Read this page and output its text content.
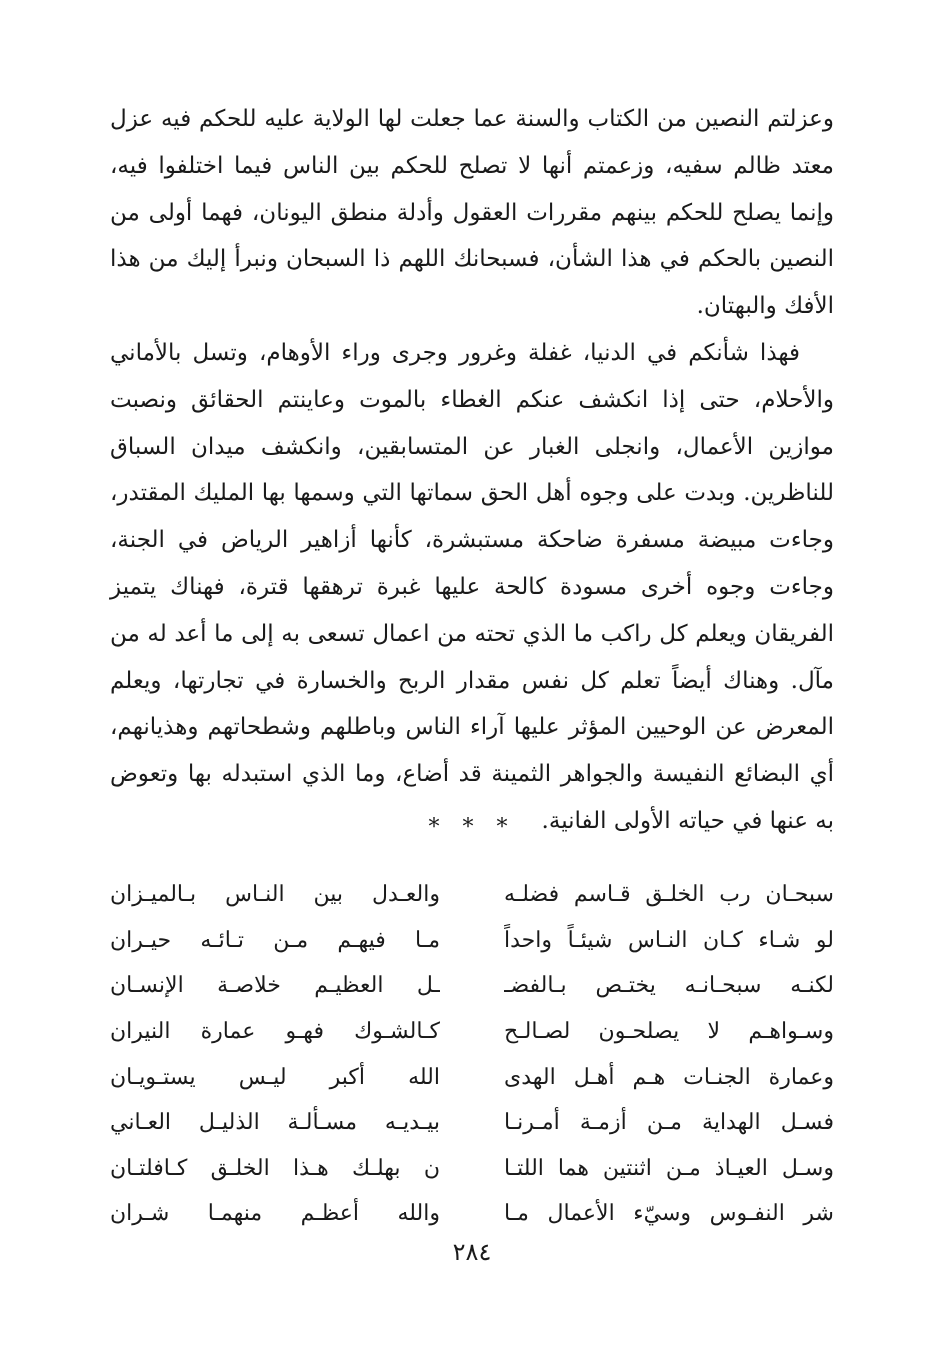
وعزلتم النصين من الكتاب والسنة عما جعلت لها الولاية عليه للحكم فيه عزل معتد ظالم سفيه، وزعمتم أنها لا تصلح للحكم بين الناس فيما اختلفوا فيه، وإنما يصلح للحكم بينهم مقررات العقول وأدلة منطق اليونان، فهما أولى من النصين بالحكم في هذا الشأن، فسبحانك اللهم ذا السبحان ونبرأ إليك من هذا الأفك والبهتان.

فهذا شأنكم في الدنيا، غفلة وغرور وجرى وراء الأوهام، وتسل بالأماني والأحلام، حتى إذا انكشف عنكم الغطاء بالموت وعاينتم الحقائق ونصبت موازين الأعمال، وانجلى الغبار عن المتسابقين، وانكشف ميدان السباق للناظرين. وبدت على وجوه أهل الحق سماتها التي وسمها بها المليك المقتدر، وجاءت مبيضة مسفرة ضاحكة مستبشرة، كأنها أزاهير الرياض في الجنة، وجاءت وجوه أخرى مسودة كالحة عليها غبرة ترهقها قترة، فهناك يتميز الفريقان ويعلم كل راكب ما الذي تحته من اعمال تسعى به إلى ما أعد له من مآل. وهناك أيضاً تعلم كل نفس مقدار الربح والخسارة في تجارتها، ويعلم المعرض عن الوحيين المؤثر عليها آراء الناس وباطلهم وشطحاتهم وهذيانهم، أي البضائع النفيسة والجواهر الثمينة قد أضاع، وما الذي استبدله بها وتعوض به عنها في حياته الأولى الفانية.

* * *
سبحـان رب الخلـق قـاسم فضلـه
والعـدل بين النـاس بـالميـزان
لو شـاء كـان النـاس شيئـاً واحداً
مـا فيهـم مـن تـائـه حيـران
لكنـه سبحـانـه يختـص بـالفضـ
ـل العظيـم خلاصـة الإنسـان
وسـواهـم لا يصلحـون لصـالـح
كـالشـوك فهـو عمارة النيران
وعمارة الجنـات هـم أهـل الهدى
الله أكبر ليـس يستـويـان
فسـل الهداية مـن أزمـة أمـرنـا
بيـديـه مسـألـة الذليـل العـاني
وسـل العيـاذ مـن اثنتين هما اللتـا
ن بهلـك هـذا الخلـق كـافلتـان
شر النفـوس وسيّء الأعمال مـا
والله أعظـم منهمـا شـران
٢٨٤
